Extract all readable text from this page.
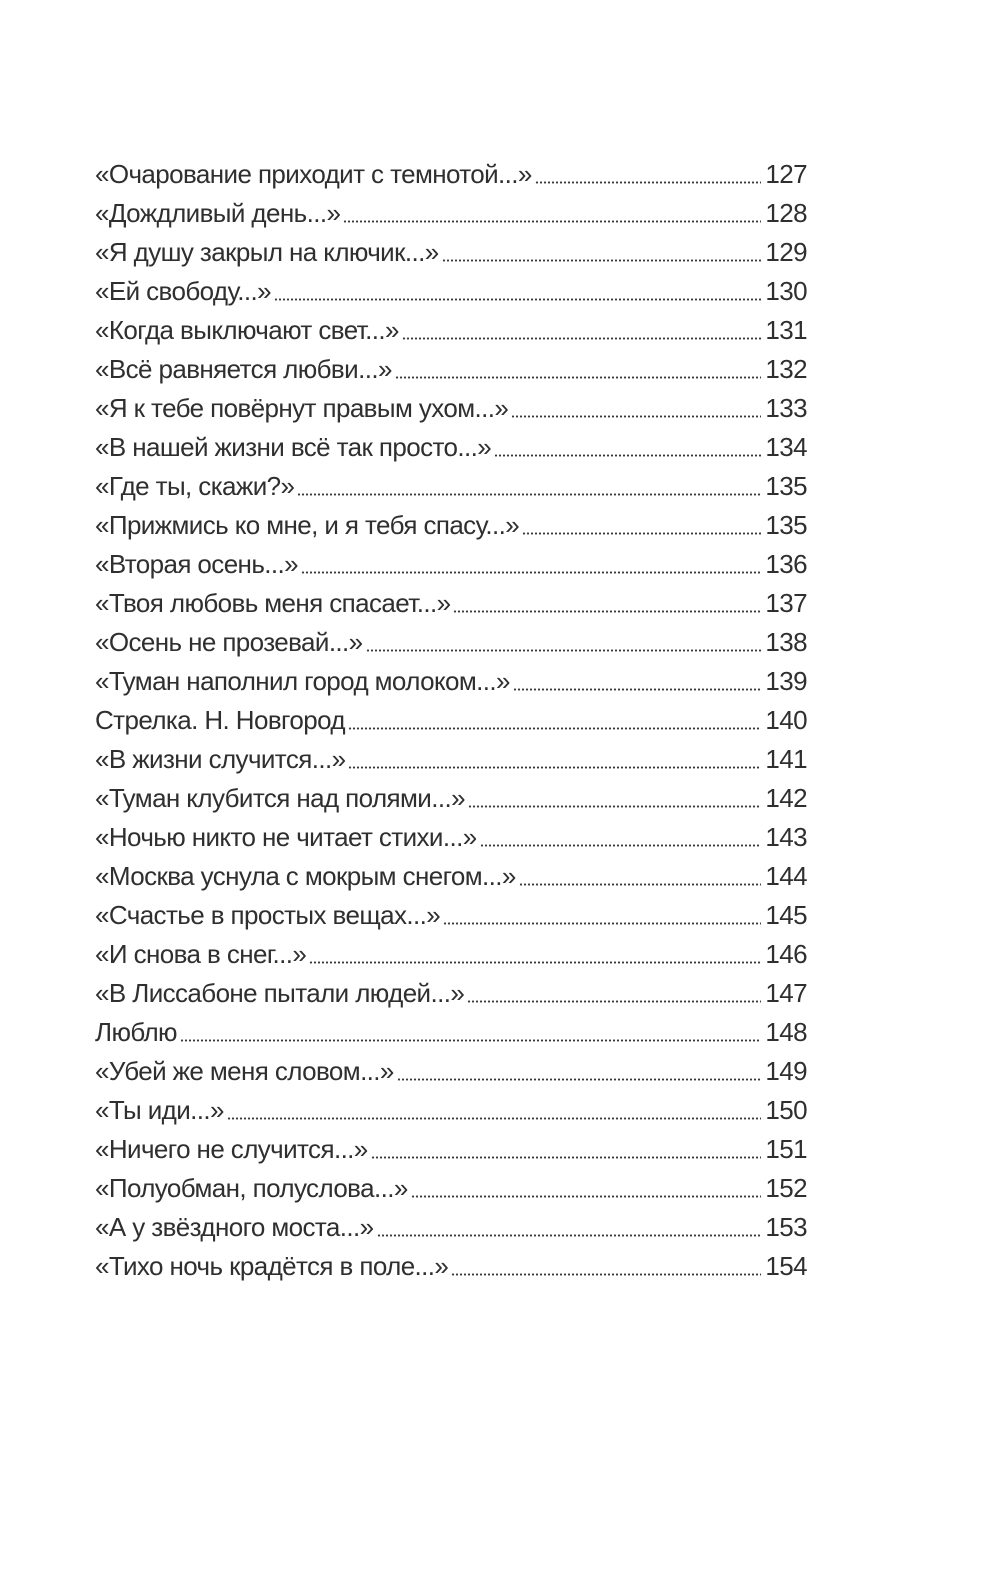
«Очарование приходит с темнотой...»	127
«Дождливый день...»	128
«Я душу закрыл на ключик...»	129
«Ей свободу...»	130
«Когда выключают свет...»	131
«Всё равняется любви...»	132
«Я к тебе повёрнут правым ухом...»	133
«В нашей жизни всё так просто...»	134
«Где ты, скажи?»	135
«Прижмись ко мне, и я тебя спасу...»	135
«Вторая осень...»	136
«Твоя любовь меня спасает...»	137
«Осень не прозевай...»	138
«Туман наполнил город молоком...»	139
Стрелка. Н. Новгород	140
«В жизни случится...»	141
«Туман клубится над полями...»	142
«Ночью никто не читает стихи...»	143
«Москва уснула с мокрым снегом...»	144
«Счастье в простых вещах...»	145
«И снова в снег...»	146
«В Лиссабоне пытали людей...»	147
Люблю	148
«Убей же меня словом...»	149
«Ты иди...»	150
«Ничего не случится...»	151
«Полуобман, полуслова...»	152
«А у звёздного моста...»	153
«Тихо ночь крадётся в поле...»	154
